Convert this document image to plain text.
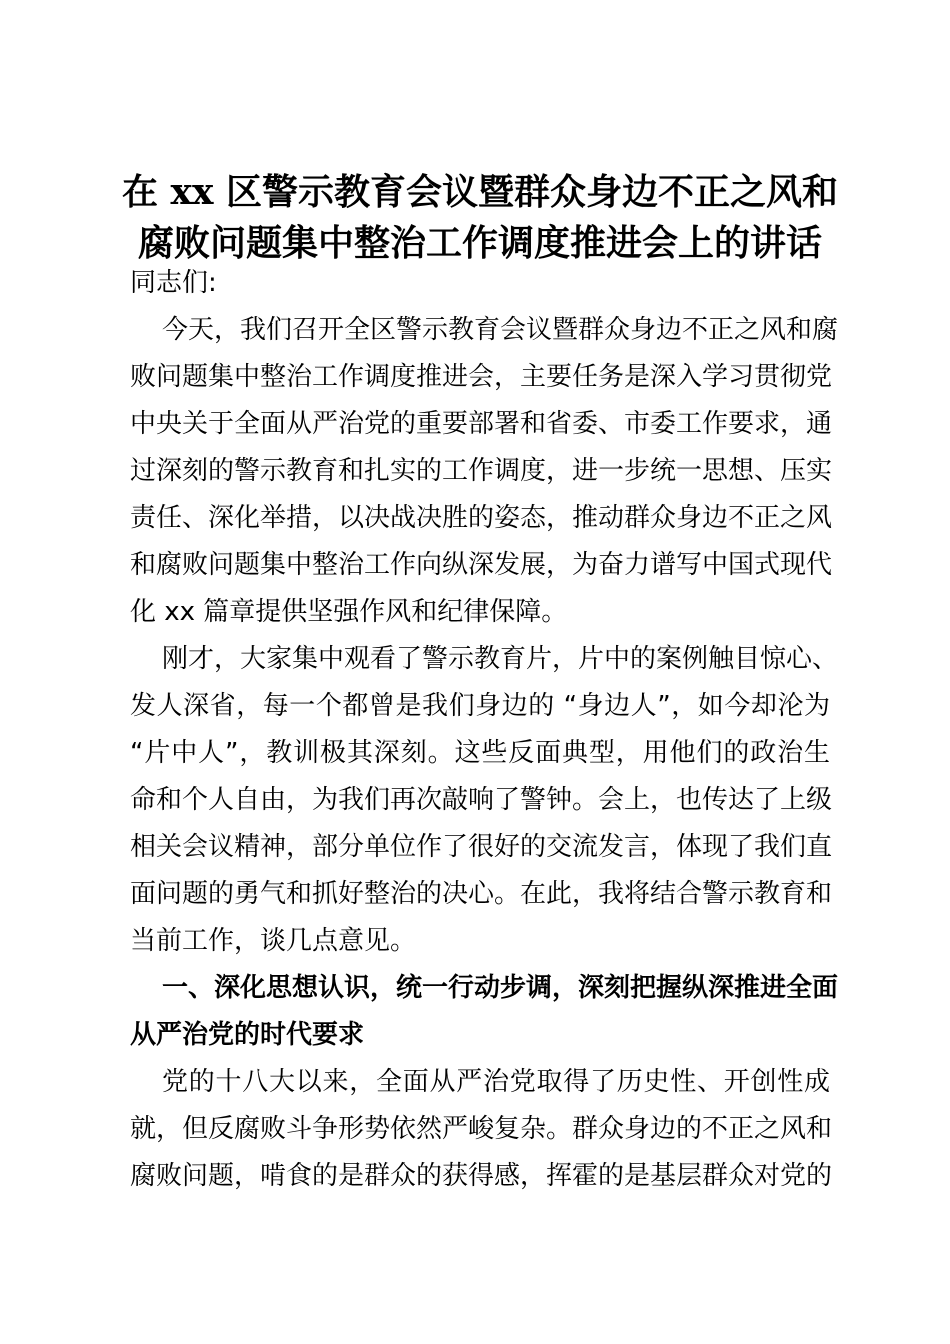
在 xx 区警示教育会议暨群众身边不正之风和
腐败问题集中整治工作调度推进会上的讲话
同志们:
今天，我们召开全区警示教育会议暨群众身边不正之风和腐
败问题集中整治工作调度推进会，主要任务是深入学习贯彻党
中央关于全面从严治党的重要部署和省委、市委工作要求，通
过深刻的警示教育和扎实的工作调度，进一步统一思想、压实
责任、深化举措，以决战决胜的姿态，推动群众身边不正之风
和腐败问题集中整治工作向纵深发展，为奋力谱写中国式现代
化 xx 篇章提供坚强作风和纪律保障。
刚才，大家集中观看了警示教育片，片中的案例触目惊心、
发人深省，每一个都曾是我们身边的 “身边人”，如今却沦为
“片中人”，教训极其深刻。这些反面典型，用他们的政治生
命和个人自由，为我们再次敲响了警钟。会上，也传达了上级
相关会议精神，部分单位作了很好的交流发言，体现了我们直
面问题的勇气和抓好整治的决心。在此，我将结合警示教育和
当前工作，谈几点意见。
一、深化思想认识，统一行动步调，深刻把握纵深推进全面
从严治党的时代要求
党的十八大以来，全面从严治党取得了历史性、开创性成
就，但反腐败斗争形势依然严峻复杂。群众身边的不正之风和
腐败问题，啃食的是群众的获得感，挥霍的是基层群众对党的
